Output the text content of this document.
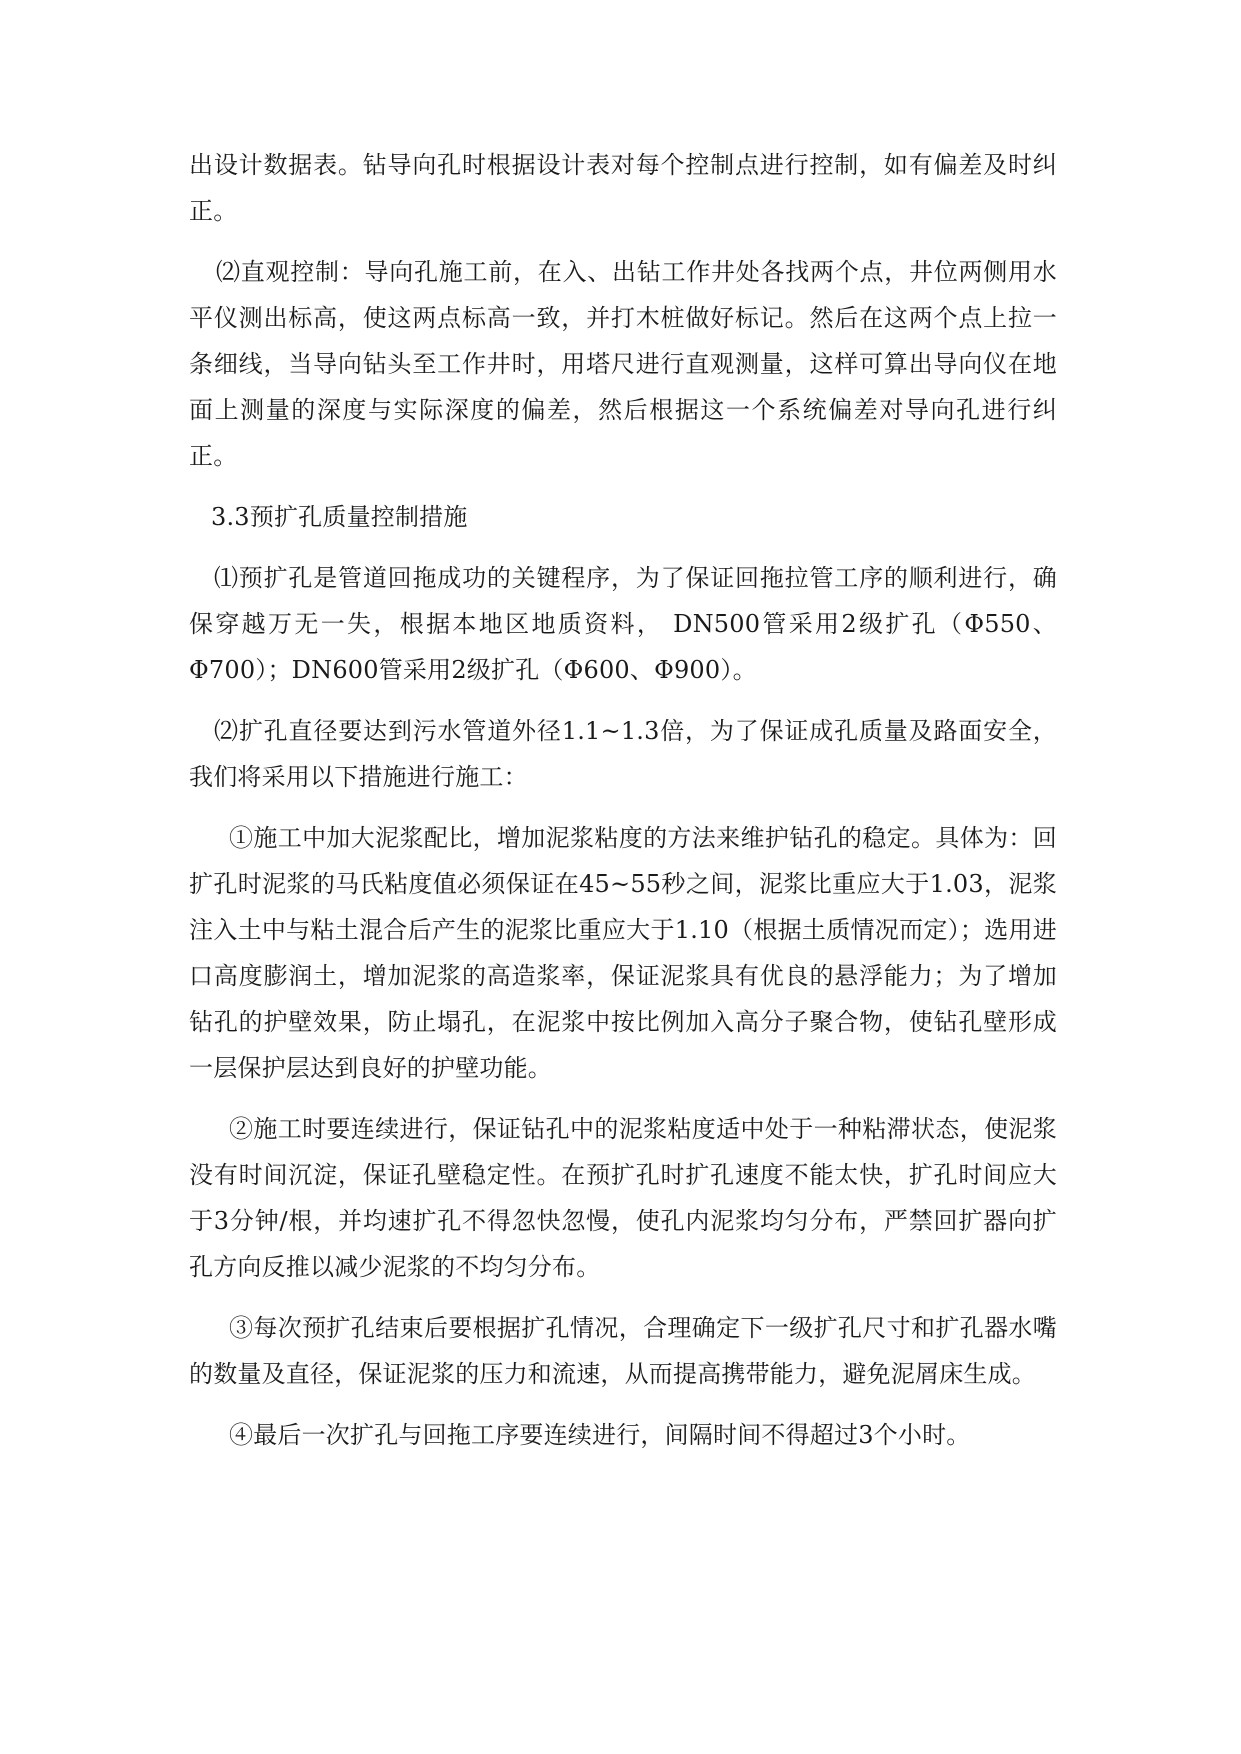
出设计数据表。钻导向孔时根据设计表对每个控制点进行控制，如有偏差及时纠正。

⑵直观控制：导向孔施工前，在入、出钻工作井处各找两个点，井位两侧用水平仪测出标高，使这两点标高一致，并打木桩做好标记。然后在这两个点上拉一条细线，当导向钻头至工作井时，用塔尺进行直观测量，这样可算出导向仪在地面上测量的深度与实际深度的偏差，然后根据这一个系统偏差对导向孔进行纠正。

3.3预扩孔质量控制措施

⑴预扩孔是管道回拖成功的关键程序，为了保证回拖拉管工序的顺利进行，确保穿越万无一失，根据本地区地质资料， DN500管采用2级扩孔（Φ550、Φ700）；DN600管采用2级扩孔（Φ600、Φ900）。

⑵扩孔直径要达到污水管道外径1.1~1.3倍，为了保证成孔质量及路面安全，我们将采用以下措施进行施工：

①施工中加大泥浆配比，增加泥浆粘度的方法来维护钻孔的稳定。具体为：回扩孔时泥浆的马氏粘度值必须保证在45~55秒之间，泥浆比重应大于1.03，泥浆注入土中与粘土混合后产生的泥浆比重应大于1.10（根据土质情况而定）；选用进口高度膨润土，增加泥浆的高造浆率，保证泥浆具有优良的悬浮能力；为了增加钻孔的护壁效果，防止塌孔，在泥浆中按比例加入高分子聚合物，使钻孔壁形成一层保护层达到良好的护壁功能。

②施工时要连续进行，保证钻孔中的泥浆粘度适中处于一种粘滞状态，使泥浆没有时间沉淀，保证孔壁稳定性。在预扩孔时扩孔速度不能太快，扩孔时间应大于3分钟/根，并均速扩孔不得忽快忽慢，使孔内泥浆均匀分布，严禁回扩器向扩孔方向反推以减少泥浆的不均匀分布。

③每次预扩孔结束后要根据扩孔情况，合理确定下一级扩孔尺寸和扩孔器水嘴的数量及直径，保证泥浆的压力和流速，从而提高携带能力，避免泥屑床生成。

④最后一次扩孔与回拖工序要连续进行，间隔时间不得超过3个小时。
